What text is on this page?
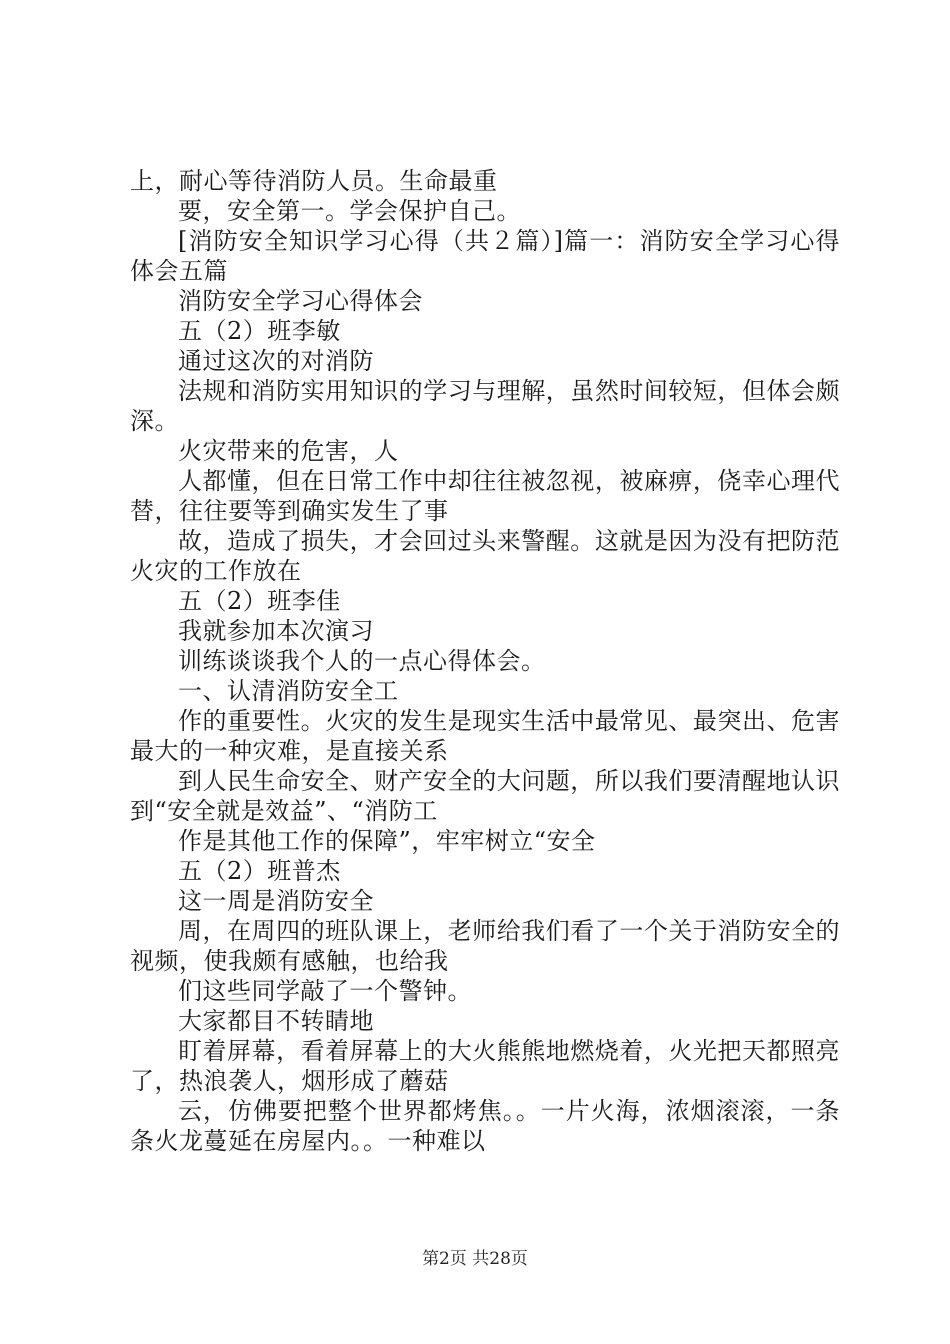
上，耐心等待消防人员。生命最重

要，安全第一。学会保护自己。

[消防安全知识学习心得（共２篇）]篇一：消防安全学习心得体会五篇

消防安全学习心得体会

五（2）班李敏

通过这次的对消防

法规和消防实用知识的学习与理解，虽然时间较短，但体会颇深。

火灾带来的危害，人

人都懂，但在日常工作中却往往被忽视，被麻痹，侥幸心理代替，往往要等到确实发生了事

故，造成了损失，才会回过头来警醒。这就是因为没有把防范火灾的工作放在

五（2）班李佳

我就参加本次演习

训练谈谈我个人的一点心得体会。

一、认清消防安全工

作的重要性。火灾的发生是现实生活中最常见、最突出、危害最大的一种灾难，是直接关系

到人民生命安全、财产安全的大问题，所以我们要清醒地认识到“安全就是效益”、“消防工

作是其他工作的保障”，牢牢树立“安全

五（2）班普杰

这一周是消防安全

周，在周四的班队课上，老师给我们看了一个关于消防安全的视频，使我颇有感触，也给我

们这些同学敲了一个警钟。

大家都目不转睛地

盯着屏幕，看着屏幕上的大火熊熊地燃烧着，火光把天都照亮了，热浪袭人，烟形成了蘑菇

云，仿佛要把整个世界都烤焦。。一片火海，浓烟滚滚，一条条火龙蔓延在房屋内。。一种难以

第2页 共28页
